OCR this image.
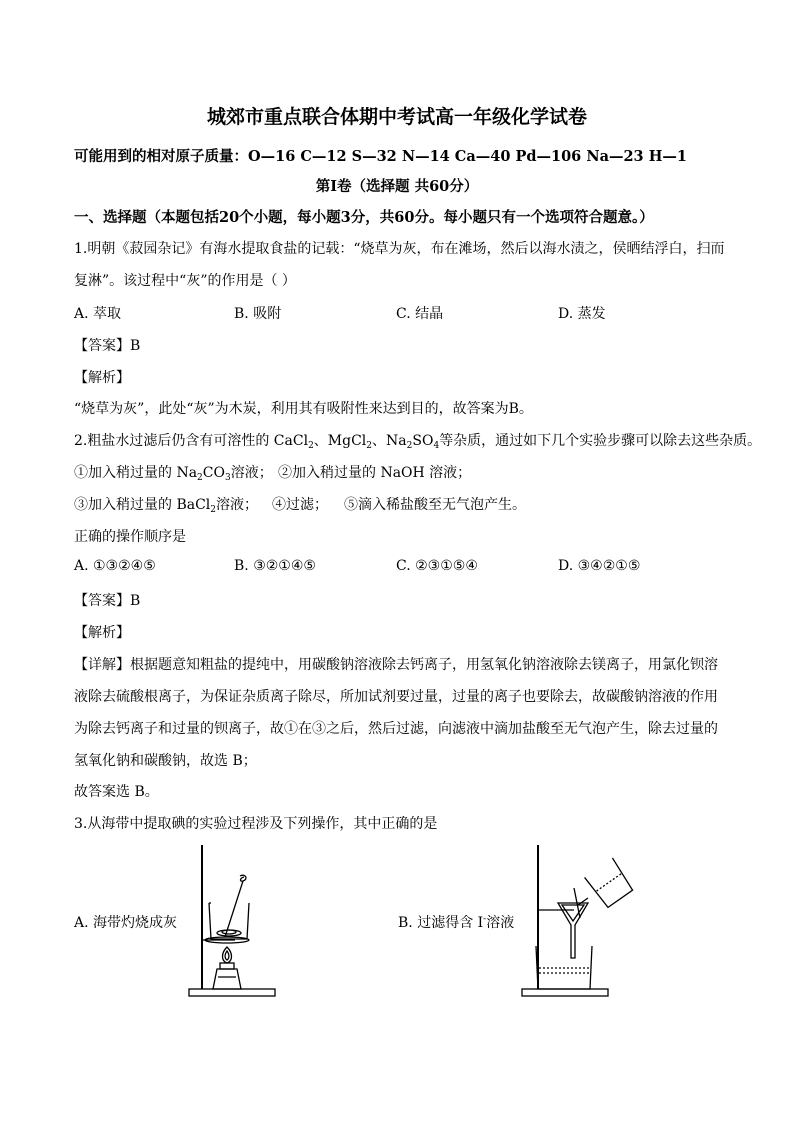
城郊市重点联合体期中考试高一年级化学试卷
可能用到的相对原子质量：O—16 C—12 S—32 N—14 Ca—40 Pd—106 Na—23 H—1
第Ⅰ卷（选择题 共60分）
一、选择题（本题包括20个小题，每小题3分，共60分。每小题只有一个选项符合题意。）
1.明朝《菽园杂记》有海水提取食盐的记载：“烧草为灰，布在滩场，然后以海水渍之，侯晒结浮白，扫而
复淋”。该过程中“灰”的作用是（ ）
A. 萃取	B. 吸附	C. 结晶	D. 蒸发
【答案】B
【解析】
“烧草为灰”，此处“灰”为木炭，利用其有吸附性来达到目的，故答案为B。
2.粗盐水过滤后仍含有可溶性的 CaCl$_2$、MgCl$_2$、$Na_2SO_4$等杂质，通过如下几个实验步骤可以除去这些杂质。
①加入稍过量的 $Na_2CO_3$溶液； ②加入稍过量的 NaOH 溶液；
③加入稍过量的 BaCl$_2$溶液； ④过滤； ⑤滴入稀盐酸至无气泡产生。
正确的操作顺序是
A. ①③②④⑤	B. ③②①④⑤	C. ②③①⑤④	D. ③④②①⑤
【答案】B
【解析】
【详解】根据题意知粗盐的提纯中，用碳酸钠溶液除去钙离子，用氢氧化钠溶液除去镁离子，用氯化钡溶
液除去硫酸根离子，为保证杂质离子除尽，所加试剂要过量，过量的离子也要除去，故碳酸钠溶液的作用
为除去钙离子和过量的钡离子，故①在③之后，然后过滤，向滤液中滴加盐酸至无气泡产生，除去过量的
氢氧化钠和碳酸钠，故选 B；
故答案选 B。
3.从海带中提取碘的实验过程涉及下列操作，其中正确的是
A. 海带灼烧成灰	B. 过滤得含 I-溶液
